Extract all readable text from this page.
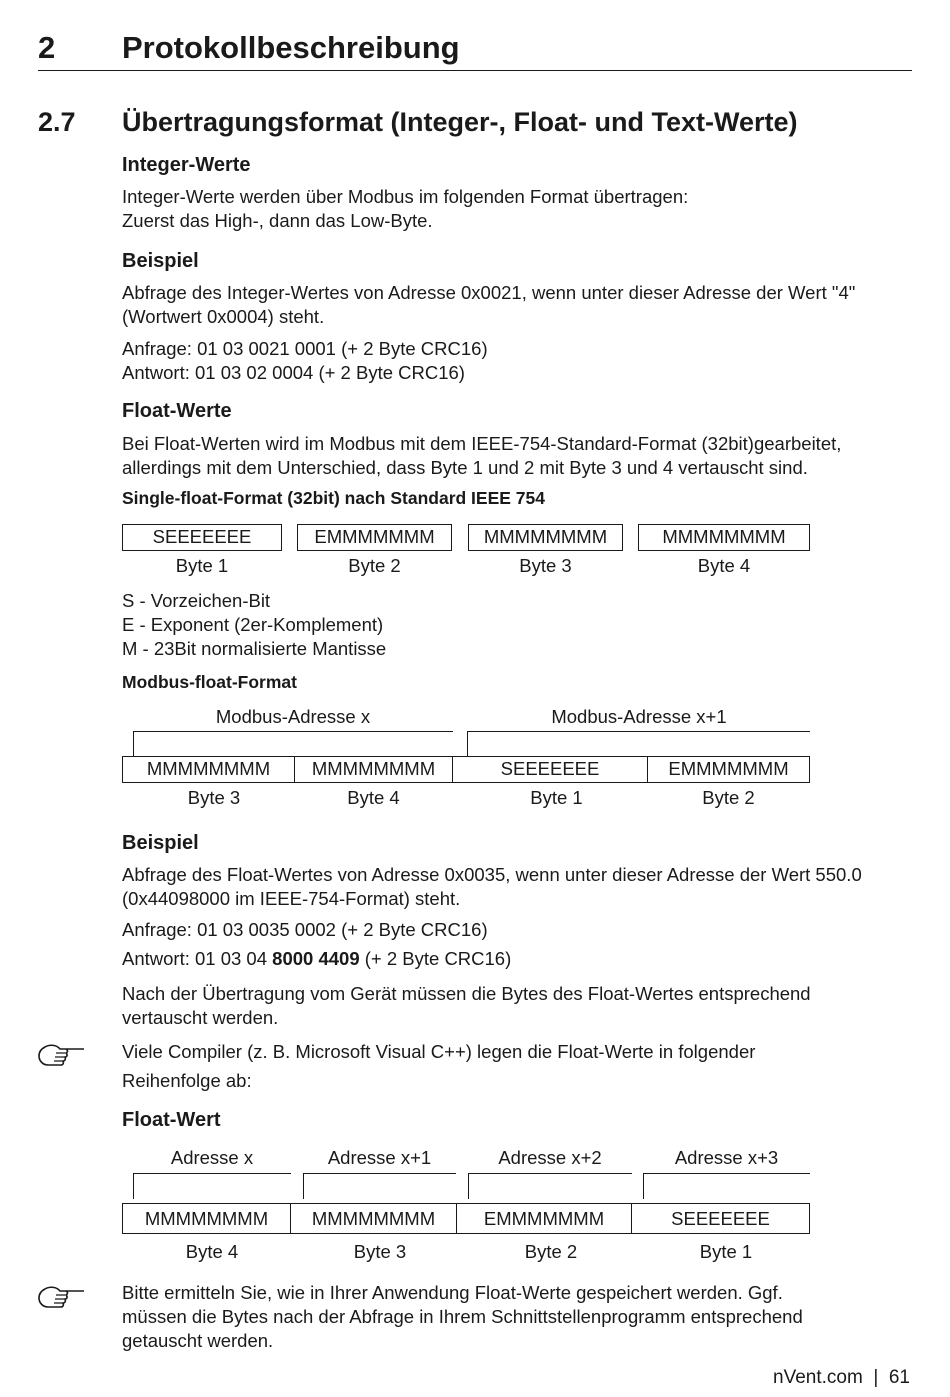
2 Protokollbeschreibung
2.7 Übertragungsformat (Integer-, Float- und Text-Werte)
Integer-Werte
Integer-Werte werden über Modbus im folgenden Format übertragen:
Zuerst das High-, dann das Low-Byte.
Beispiel
Abfrage des Integer-Wertes von Adresse 0x0021, wenn unter dieser Adresse der Wert "4"
(Wortwert 0x0004) steht.
Anfrage: 01 03 0021 0001 (+ 2 Byte CRC16)
Antwort: 01 03 02 0004 (+ 2 Byte CRC16)
Float-Werte
Bei Float-Werten wird im Modbus mit dem IEEE-754-Standard-Format (32bit)gearbeitet,
allerdings mit dem Unterschied, dass Byte 1 und 2 mit Byte 3 und 4 vertauscht sind.
Single-float-Format (32bit) nach Standard IEEE 754
SEEEEEEE	EMMMMMMM	MMMMMMMM	MMMMMMMM
Byte 1	Byte 2	Byte 3	Byte 4
S - Vorzeichen-Bit
E - Exponent (2er-Komplement)
M - 23Bit normalisierte Mantisse
Modbus-float-Format
Modbus-Adresse x	Modbus-Adresse x+1
MMMMMMMM	MMMMMMMM	SEEEEEEE	EMMMMMMM
Byte 3	Byte 4	Byte 1	Byte 2
Beispiel
Abfrage des Float-Wertes von Adresse 0x0035, wenn unter dieser Adresse der Wert 550.0
(0x44098000 im IEEE-754-Format) steht.
Anfrage: 01 03 0035 0002 (+ 2 Byte CRC16)
Antwort: 01 03 04 8000 4409 (+ 2 Byte CRC16)
Nach der Übertragung vom Gerät müssen die Bytes des Float-Wertes entsprechend
vertauscht werden.
Viele Compiler (z. B. Microsoft Visual C++) legen die Float-Werte in folgender
Reihenfolge ab:
Float-Wert
Adresse x	Adresse x+1	Adresse x+2	Adresse x+3
MMMMMMMM	MMMMMMMM	EMMMMMMM	SEEEEEEE
Byte 4	Byte 3	Byte 2	Byte 1
Bitte ermitteln Sie, wie in Ihrer Anwendung Float-Werte gespeichert werden. Ggf.
müssen die Bytes nach der Abfrage in Ihrem Schnittstellenprogramm entsprechend
getauscht werden.
nVent.com  |  61
